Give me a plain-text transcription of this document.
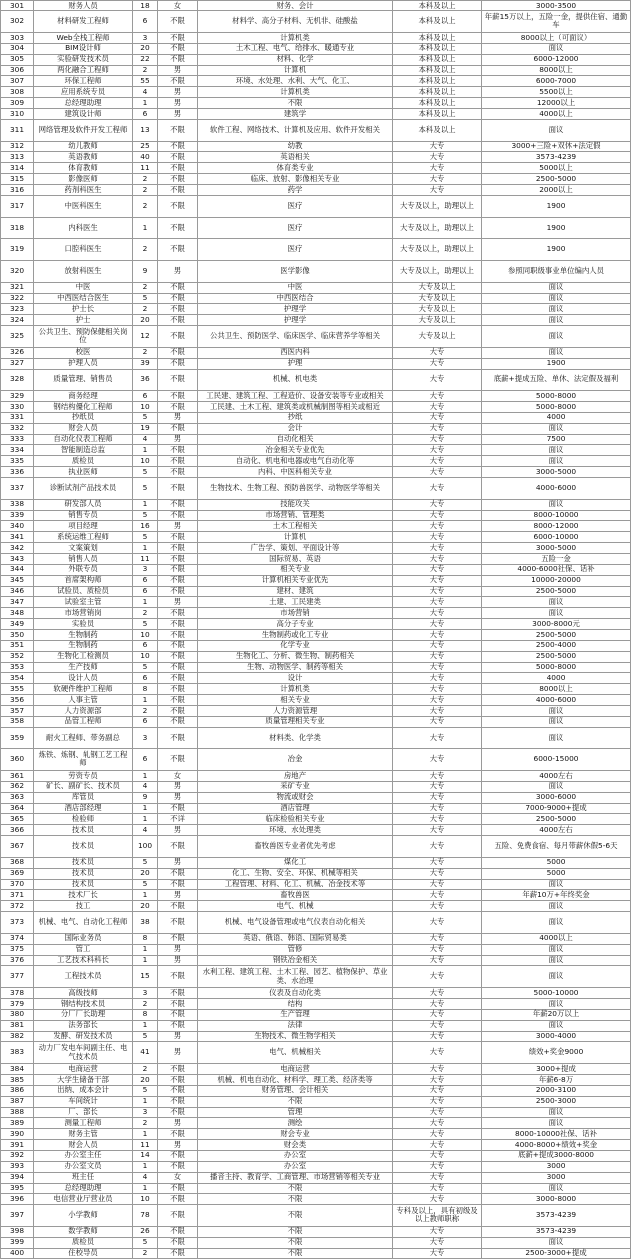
301	财务人员	18	女	财务、会计	本科及以上	3000-3500
302	材料研发工程师	6	不限	材料学、高分子材料、无机非、硅酸盐	本科及以上	年薪15万以上，五险一金，提供住宿、通勤车
303	Web全栈工程师	3	不限	计算机类	本科及以上	8000以上（可面议）
304	BIM设计师	20	不限	土木工程、电气、给排水、暖通专业	本科及以上	面议
305	实验研发技术员	22	不限	材料、化学	本科及以上	6000-12000
306	两化融合工程师	2	男	计算机	本科及以上	8000以上
307	环保工程师	55	不限	环境、水处理、水利、大气、化工、	本科及以上	6000-7000
308	应用系统专员	4	男	计算机类	本科及以上	5500以上
309	总经理助理	1	男	不限	本科及以上	12000以上
310	建筑设计师	6	男	建筑学	本科及以上	4000以上
311	网络管理及软件开发工程师	13	不限	软件工程、网络技术、计算机及应用、软件开发相关	本科及以上	面议
312	幼儿教师	25	不限	幼教	大专	3000+三险+双休+法定假
313	英语教师	40	不限	英语相关	大专	3573-4239
314	体育教师	11	不限	体育类专业	大专	5000以上
315	影像医师	2	不限	临床、放射、影像相关专业	大专	2500-5000
316	药剂科医生	2	不限	药学	大专	2000以上
317	中医科医生	2	不限	医疗	大专及以上，助理以上	1900
318	内科医生	1	不限	医疗	大专及以上，助理以上	1900
319	口腔科医生	2	不限	医疗	大专及以上，助理以上	1900
320	放射科医生	9	男	医学影像	大专及以上，助理以上	参照同职级事业单位编内人员
321	中医	2	不限	中医	大专及以上	面议
322	中西医结合医生	5	不限	中西医结合	大专及以上	面议
323	护士长	2	不限	护理学	大专及以上	面议
324	护士	20	不限	护理学	大专及以上	面议
325	公共卫生、预防保健相关岗位	12	不限	公共卫生、预防医学、临床医学、临床营养学等相关	大专及以上	面议
326	校医	2	不限	西医内科	大专	面议
327	护理人员	39	不限	护理	大专	1900
328	质量管理、销售员	36	不限	机械、机电类	大专	底薪+提成五险、单休、法定假及福利
329	商务经理	6	不限	工民建、建筑工程、工程造价、设备安装等专业或相关	大专	5000-8000
330	钢结构優化工程师	10	不限	工民建、土木工程、建筑类或机械制图等相关或相近	大专	5000-8000
331	抄纸员	5	男	抄纸	大专	4000
332	财会人员	19	不限	会计	大专	面议
333	自动化仪表工程师	4	男	自动化相关	大专	7500
334	智能制造总监	1	不限	冶金相关专业优先	大专	面议
335	质检员	10	不限	自动化、机电和电器或电气自动化等	大专	面议
336	执业医师	5	不限	内科、中医科相关专业	大专	3000-5000
337	诊断试剂产品技术员	5	不限	生物技术、生物工程、预防兽医学、动物医学等相关	大专	4000-6000
338	研发部人员	1	不限	技能攻关	大专	面议
339	销售专员	5	不限	市场营销、管理类	大专	8000-10000
340	项目经理	16	男	土木工程相关	大专	8000-12000
341	系统运维工程师	5	不限	计算机	大专	6000-10000
342	文案策划	1	不限	广告学、策划、平面设计等	大专	3000-5000
343	销售人员	11	不限	国际贸易、英语	大专	五险一金
344	外联专员	3	不限	相关专业	大专	4000-6000社保、话补
345	首席架构师	6	不限	计算机相关专业优先	大专	10000-20000
346	试验员、质检员	6	不限	建材、建筑	大专	2500-5000
347	试验室主管	1	男	土建、工民建类	大专	面议
348	市场营销岗	2	不限	市场营销	大专	面议
349	实验员	5	不限	高分子专业	大专	3000-8000元
350	生物制药	10	不限	生物制药或化工专业	大专	2500-5000
351	生物制药	6	不限	化学专业	大专	2500-4000
352	生物化工检测员	10	不限	生物化工、分析、微生物、制药相关	大专	2500-5000
353	生产技师	5	不限	生物、动物医学、制药等相关	大专	5000-8000
354	设计人员	6	不限	设计	大专	4000
355	软硬件维护工程师	8	不限	计算机类	大专	8000以上
356	人事主管	1	不限	相关专业	大专	4000-6000
357	人力资源部	2	不限	人力资源管理	大专	面议
358	品管工程师	6	不限	质量管理相关专业	大专	面议
359	耐火工程师、带务副总	3	不限	材料类、化学类	大专	面议
360	炼铁、炼钢、轧钢工艺工程师	6	不限	冶金	大专	6000-15000
361	劳资专员	1	女	房地产	大专	4000左右
362	矿长、副矿长、技术员	4	男	采矿专业	大专	面议
363	库管员	9	男	物流或财会	大专	3000-6000
364	酒店部经理	1	不限	酒店管理	大专	7000-9000+提成
365	检验师	1	不详	临床检验相关专业	大专	2500-5000
366	技术员	4	男	环境、水处理类	大专	4000左右
367	技术员	100	不限	畜牧兽医专业者优先考虑	大专	五险、免费食宿、每月带薪休假5-6天
368	技术员	5	男	煤化工	大专	5000
369	技术员	20	不限	化工、生物、安全、环保、机械等相关	大专	5000
370	技术员	5	不限	工程管理、材料、化工、机械、冶金技术等	大专	面议
371	技术厂长	1	男	畜牧兽医	大专	年薪10万+年终奖金
372	技工	20	不限	电气、机械	大专	面议
373	机械、电气、自动化工程师	38	不限	机械、电气设备管理或电气仪表自动化相关	大专	面议
374	国际业务员	8	不限	英语、俄语、韩语、国际贸易类	大专	4000以上
375	管工	1	男	管修	大专	面议
376	工艺技术科科长	1	男	钢铁冶金相关	大专	面议
377	工程技术员	15	不限	水利工程、建筑工程、土木工程、园艺、植物保护、草业类、水治理	大专	面议
378	高级技师	3	不限	仪表及自动化类	大专	5000-10000
379	钢结构技术员	2	不限	结构	大专	面议
380	分厂厂长助理	8	不限	生产管理	大专	年薪20万以上
381	法务部长	1	不限	法律	大专	面议
382	发酵、研发技术员	5	男	生物技术、微生物学相关	大专	3000-4000
383	动力厂发电车间副主任、电气技术员	41	男	电气、机械相关	大专	绩效+奖金9000
384	电商运营	2	不限	电商运营	大专	3000+提成
385	大学生储备干部	20	不限	机械、机电自动化、材料学、理工类、经济类等	大专	年薪6-8万
386	出纳、成本会计	5	不限	财务管理、会计相关	大专	2000-3100
387	车间统计	1	不限	不限	大专	2500-3000
388	厂、部长	3	不限	管理	大专	面议
389	测量工程师	2	男	测绘	大专	面议
390	财务主管	1	不限	财会专业	大专	8000-10000社保、话补
391	财会人员	11	男	财会类	大专	4000-8000+绩效+奖金
392	办公室主任	14	不限	办公室	大专	底薪+提成3000-8000
393	办公室文员	1	不限	办公室	大专	3000
394	班主任	4	女	播音主持、教育学、工商管理、市场营销等相关专业	大专	3000
395	总经理助理	1	不限	不限	大专	面议
396	电信营业厅营业员	10	不限	不限	大专	3000-8000
397	小学教师	78	不限	不限	专科及以上，具有初级及以上教师职称	3573-4239
398	数学教师	26	不限	不限	大专	3573-4239
399	质检员	5	不限	不限	大专	面议
400	住校导员	2	不限	不限	大专	2500-3000+提成
